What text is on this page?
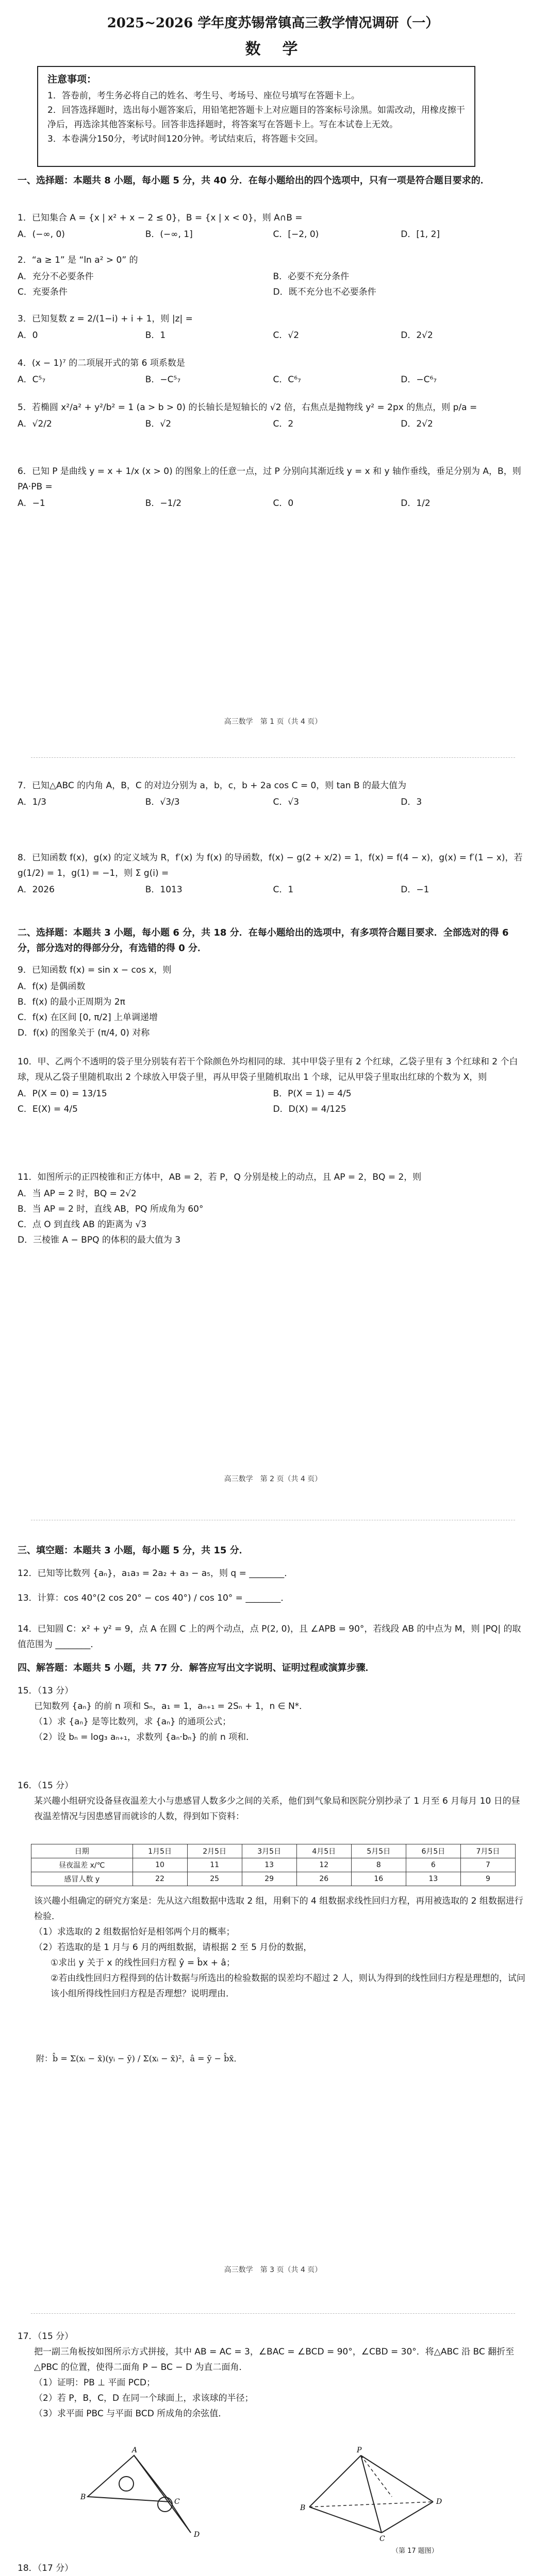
2025~2026 学年度苏锡常镇高三教学情况调研（一）
数　学
注意事项：

1．答卷前，考生务必将自己的姓名、考生号、考场号、座位号填写在答题卡上。

2．回答选择题时，选出每小题答案后，用铅笔把答题卡上对应题目的答案标号涂黑。如需改动，用橡皮擦干净后，再选涂其他答案标号。回答非选择题时，将答案写在答题卡上。写在本试卷上无效。

3．本卷满分150分，考试时间120分钟。考试结束后，将答题卡交回。

一、选择题：本题共 8 小题，每小题 5 分，共 40 分．在每小题给出的四个选项中，只有一项是符合题目要求的．

1．已知集合 A = {x | x² + x − 2 ≤ 0}，B = {x | x < 0}，则 A∩B =

A．(−∞, 0)	B．(−∞, 1]	C．[−2, 0)	D．[1, 2]

2．“a ≥ 1” 是 “ln a² > 0” 的

A．充分不必要条件	B．必要不充分条件
C．充要条件	D．既不充分也不必要条件

3．已知复数 z = 2/(1−i) + i + 1，则 |z| =

A．0	B．1	C．√2	D．2√2

4．(x − 1)⁷ 的二项展开式的第 6 项系数是

A．C⁵₇	B．−C⁵₇	C．C⁶₇	D．−C⁶₇

5．若椭圆 x²/a² + y²/b² = 1 (a > b > 0) 的长轴长是短轴长的 √2 倍，右焦点是抛物线 y² = 2px 的焦点，则 p/a =

A．√2/2	B．√2	C．2	D．2√2

6．已知 P 是曲线 y = x + 1/x (x > 0) 的图象上的任意一点，过 P 分别向其渐近线 y = x 和 y 轴作垂线，垂足分别为 A，B，则 PA·PB =

A．−1	B．−1/2	C．0	D．1/2
高三数学　第 1 页（共 4 页）

7．已知△ABC 的内角 A，B，C 的对边分别为 a，b，c，b + 2a cos C = 0，则 tan B 的最大值为

A．1/3	B．√3/3	C．√3	D．3

8．已知函数 f(x)，g(x) 的定义域为 R，f′(x) 为 f(x) 的导函数，f(x) − g(2 + x/2) = 1，f(x) = f(4 − x)，g(x) = f′(1 − x)，若 g(1/2) = 1，g(1) = −1，则 Σ g(i) =

A．2026	B．1013	C．1	D．−1
二、选择题：本题共 3 小题，每小题 6 分，共 18 分．在每小题给出的选项中，有多项符合题目要求．全部选对的得 6 分，部分选对的得部分分，有选错的得 0 分．

9．已知函数 f(x) = sin x − cos x，则

A．f(x) 是偶函数
B．f(x) 的最小正周期为 2π
C．f(x) 在区间 [0, π/2] 上单调递增
D．f(x) 的图象关于 (π/4, 0) 对称

10．甲、乙两个不透明的袋子里分别装有若干个除颜色外均相同的球．其中甲袋子里有 2 个红球，乙袋子里有 3 个红球和 2 个白球，现从乙袋子里随机取出 2 个球放入甲袋子里，再从甲袋子里随机取出 1 个球，记从甲袋子里取出红球的个数为 X，则

A．P(X = 0) = 13/15	B．P(X = 1) = 4/5
C．E(X) = 4/5	D．D(X) = 4/125

11．如图所示的正四棱锥和正方体中，AB = 2，若 P，Q 分别是棱上的动点，且 AP = 2，BQ = 2，则

A．当 AP = 2 时，BQ = 2√2
B．当 AP = 2 时，直线 AB，PQ 所成角为 60°
C．点 O 到直线 AB 的距离为 √3
D．三棱锥 A − BPQ 的体积的最大值为 3
高三数学　第 2 页（共 4 页）
三、填空题：本题共 3 小题，每小题 5 分，共 15 分．
12．已知等比数列 {aₙ}，a₁a₃ = 2a₂ + a₃ − a₅，则 q = ________．
13．计算：cos 40°(2 cos 20° − cos 40°) / cos 10° = ________．
14．已知圆 C：x² + y² = 9，点 A 在圆 C 上的两个动点，点 P(2, 0)，且 ∠APB = 90°，若线段 AB 的中点为 M，则 |PQ| 的取值范围为 ________．
四、解答题：本题共 5 小题，共 77 分．解答应写出文字说明、证明过程或演算步骤．

15．（13 分）

已知数列 {aₙ} 的前 n 项和 Sₙ，a₁ = 1，aₙ₊₁ = 2Sₙ + 1，n ∈ N*．

（1）求 {aₙ} 是等比数列，求 {aₙ} 的通项公式；

（2）设 bₙ = log₃ aₙ₊₁，求数列 {aₙ·bₙ} 的前 n 项和．

16．（15 分）

某兴趣小组研究设备昼夜温差大小与患感冒人数多少之间的关系，他们到气象局和医院分别抄录了 1 月至 6 月每月 10 日的昼夜温差情况与因患感冒而就诊的人数，得到如下资料：

日期	1月5日	2月5日	3月5日	4月5日	5月5日	6月5日	7月5日
昼夜温差 x/℃	10	11	13	12	8	6	7
感冒人数 y	22	25	29	26	16	13	9

该兴趣小组确定的研究方案是：先从这六组数据中选取 2 组，用剩下的 4 组数据求线性回归方程，再用被选取的 2 组数据进行检验．

（1）求选取的 2 组数据恰好是相邻两个月的概率；

（2）若选取的是 1 月与 6 月的两组数据，请根据 2 至 5 月份的数据，

①求出 y 关于 x 的线性回归方程 ŷ = b̂x + â；

②若由线性回归方程得到的估计数据与所选出的检验数据的误差均不超过 2 人，则认为得到的线性回归方程是理想的，试问该小组所得线性回归方程是否理想？说明理由．

附：b̂ = Σ(xᵢ − x̄)(yᵢ − ȳ) / Σ(xᵢ − x̄)²，â = ȳ − b̂x̄．
高三数学　第 3 页（共 4 页）

17．（15 分）

把一副三角板按如图所示方式拼接，其中 AB = AC = 3，∠BAC = ∠BCD = 90°，∠CBD = 30°．将△ABC 沿 BC 翻折至△PBC 的位置，使得二面角 P − BC − D 为直二面角．

（1）证明：PB ⊥ 平面 PCD；

（2）若 P，B，C，D 在同一个球面上，求该球的半径；

（3）求平面 PBC 与平面 BCD 所成角的余弦值．

B
A
C
D
P
B
D
C
（第 17 题图）

18．（17 分）
